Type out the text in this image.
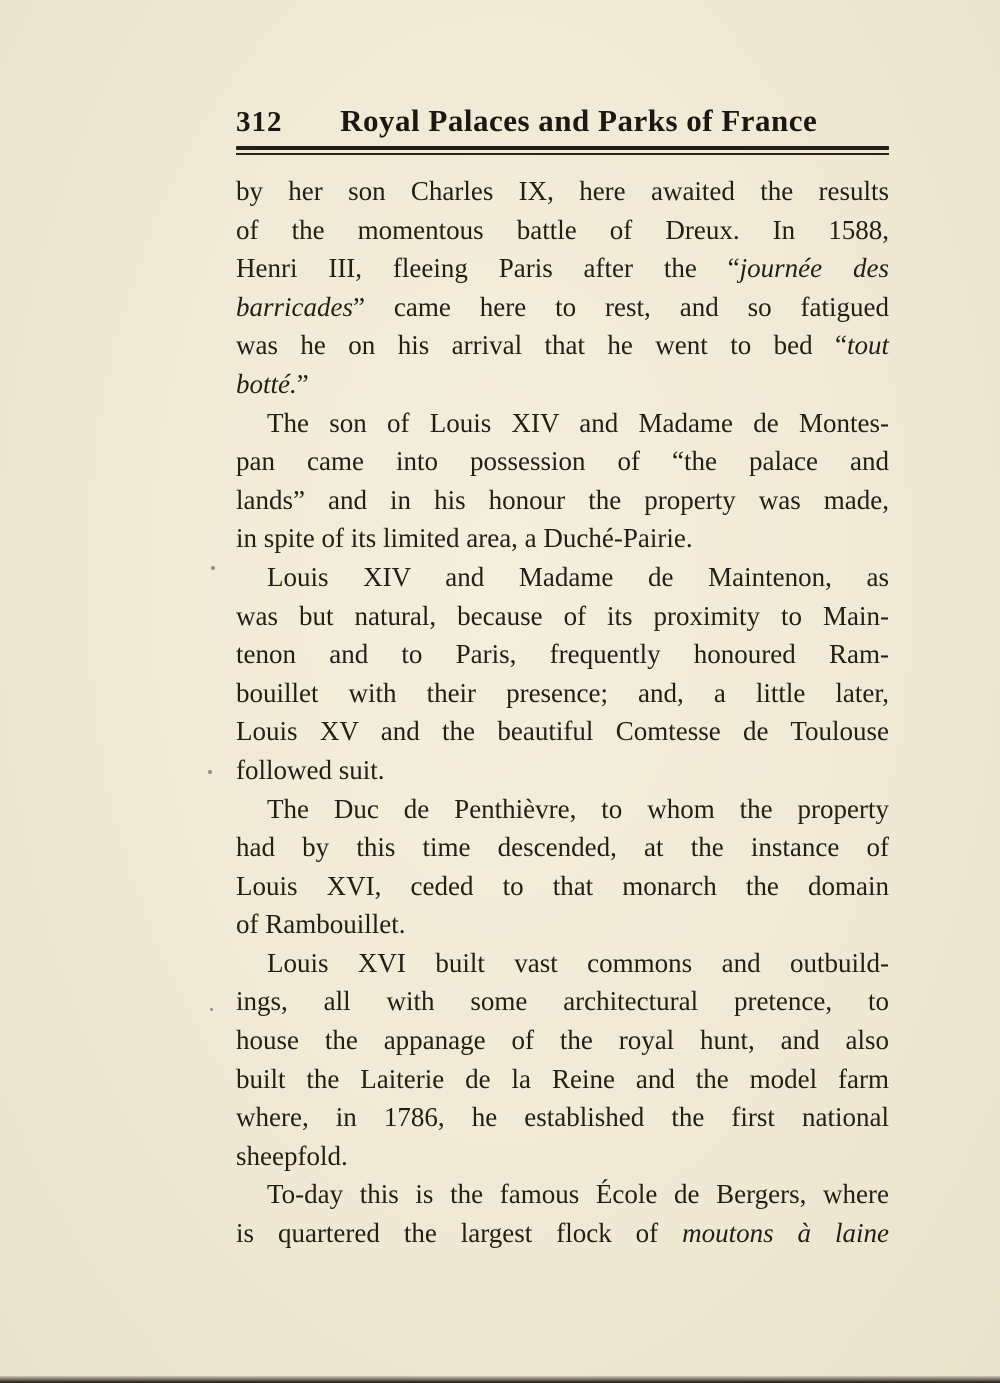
312	Royal Palaces and Parks of France
by her son Charles IX, here awaited the results
of the momentous battle of Dreux. In 1588,
Henri III, fleeing Paris after the “journée des
barricades” came here to rest, and so fatigued
was he on his arrival that he went to bed “tout
botté.”
The son of Louis XIV and Madame de Montes-
pan came into possession of “the palace and
lands” and in his honour the property was made,
in spite of its limited area, a Duché-Pairie.
Louis XIV and Madame de Maintenon, as
was but natural, because of its proximity to Main-
tenon and to Paris, frequently honoured Ram-
bouillet with their presence; and, a little later,
Louis XV and the beautiful Comtesse de Toulouse
followed suit.
The Duc de Penthièvre, to whom the property
had by this time descended, at the instance of
Louis XVI, ceded to that monarch the domain
of Rambouillet.
Louis XVI built vast commons and outbuild-
ings, all with some architectural pretence, to
house the appanage of the royal hunt, and also
built the Laiterie de la Reine and the model farm
where, in 1786, he established the first national
sheepfold.
To-day this is the famous École de Bergers, where
is quartered the largest flock of moutons à laine
